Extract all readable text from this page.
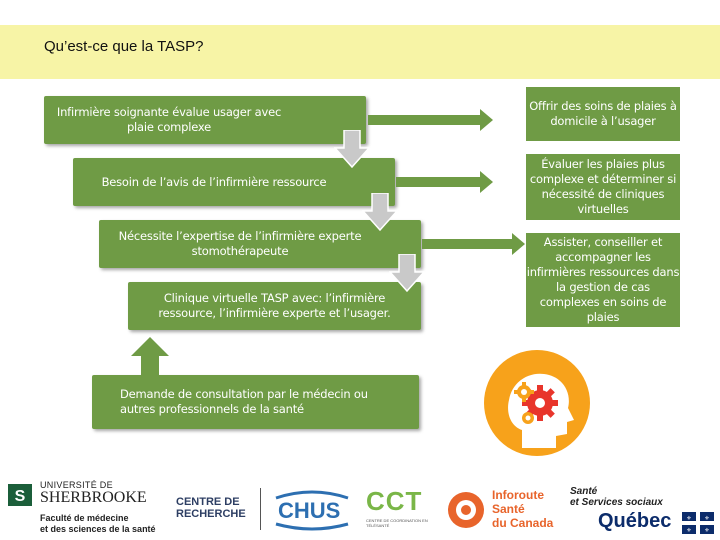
Qu’est-ce que la TASP?
Infirmière soignante évalue usager avec plaie complexe
Besoin de l’avis de l’infirmière ressource
Nécessite l’expertise de l’infirmière experte stomothérapeute
Clinique virtuelle TASP avec: l’infirmière ressource, l’infirmière experte et l’usager.
Demande de consultation par le médecin ou autres professionnels de la santé
Offrir des soins de plaies à domicile à l’usager
Évaluer les plaies plus complexe et déterminer si nécessité de cliniques virtuelles
Assister, conseiller et accompagner les infirmières ressources dans la gestion de cas complexes en soins de plaies
S
UNIVERSITÉ DE
SHERBROOKE
Faculté de médecine
et des sciences de la santé
CENTRE DE
RECHERCHE	CHUS CCT
CENTRE DE COORDINATION EN TÉLÉSANTÉ
Inforoute
Santé
du Canada
Santé
et Services sociaux
Québec ⚜ ⚜
⚜ ⚜
